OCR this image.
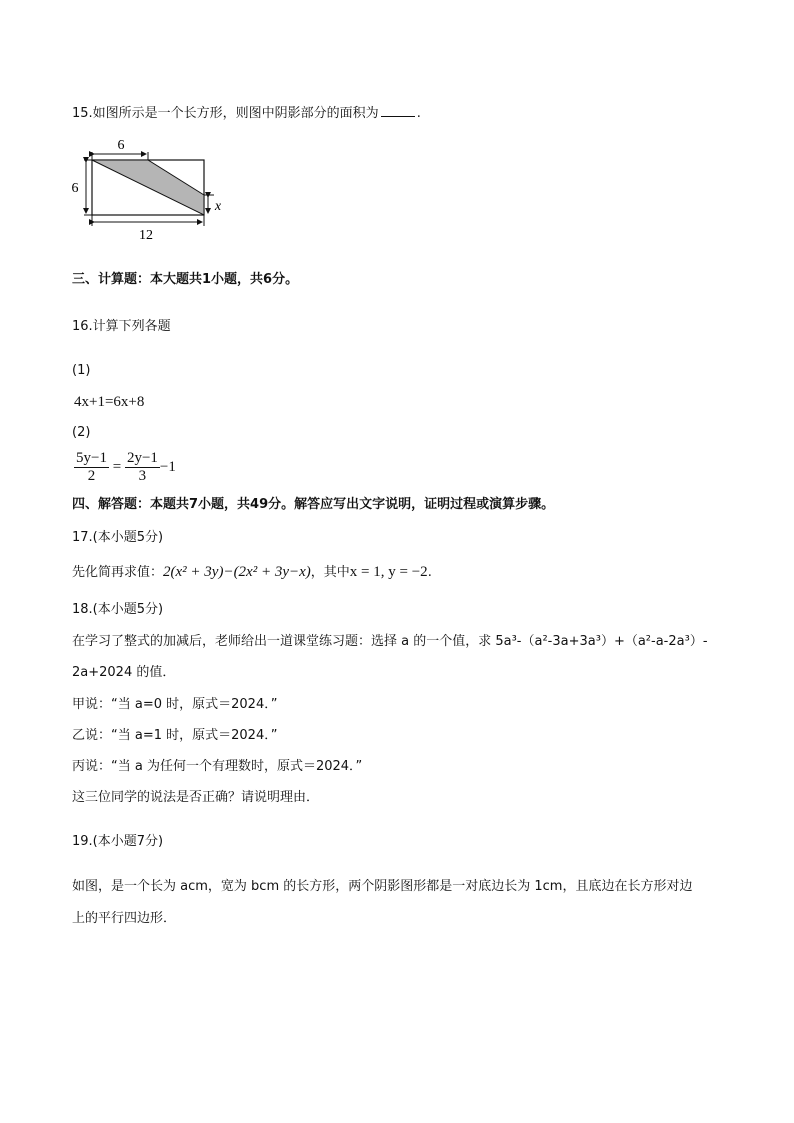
15.如图所示是一个长方形，则图中阴影部分的面积为	.
6
6
x
12
三、计算题：本大题共1小题，共6分。
16.计算下列各题
(1)
4x+1=6x+8
(2)
$\frac{5y-1}{2} = \frac{2y-1}{3} -1$
四、解答题：本题共7小题，共49分。解答应写出文字说明，证明过程或演算步骤。
17.(本小题5分)
先化简再求值：2(x² + 3y)−(2x² + 3y−x)，其中x = 1, y = −2.
18.(本小题5分)
在学习了整式的加减后，老师给出一道课堂练习题：选择 a 的一个值，求 5a³-（a²-3a+3a³）+（a²-a-2a³）-
2a+2024 的值．
甲说：“当 a=0 时，原式＝2024．”
乙说：“当 a=1 时，原式＝2024．”
丙说：“当 a 为任何一个有理数时，原式＝2024．”
这三位同学的说法是否正确？请说明理由．
19.(本小题7分)
如图，是一个长为 acm，宽为 bcm 的长方形，两个阴影图形都是一对底边长为 1cm，且底边在长方形对边
上的平行四边形．
